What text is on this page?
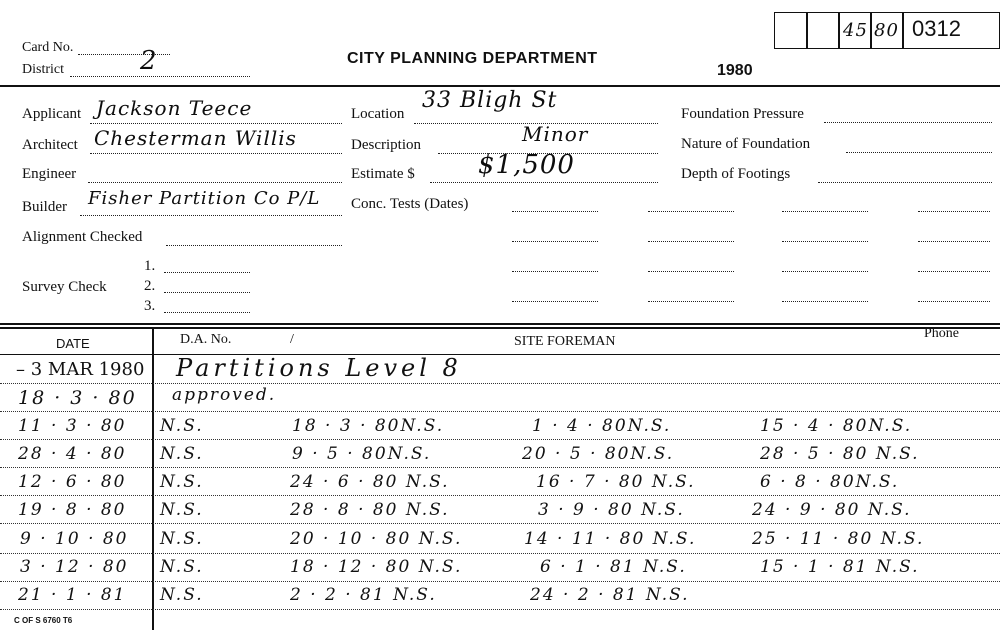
Card No.
District	2	CITY PLANNING DEPARTMENT
1980
45 80 0312
Applicant Jackson Teece
Architect Chesterman Willis
Engineer
Builder Fisher Partition Co P/L
Alignment Checked
Survey Check
1.
2.
3.
Location
33 Bligh St
Description	Minor
Estimate $ $1,500
Conc. Tests (Dates)
Foundation Pressure
Nature of Foundation
Depth of Footings
DATE	D.A. No.	/	SITE FOREMAN
Phone
– 3 MAR 1980 Partitions Level 8
18 · 3 · 80 approved.
11 · 3 · 80 N.S.	18 · 3 · 80N.S.	1 · 4 · 80N.S.	15 · 4 · 80N.S.
28 · 4 · 80 N.S.	9 · 5 · 80N.S.	20 · 5 · 80N.S.	28 · 5 · 80 N.S.
12 · 6 · 80 N.S.	24 · 6 · 80 N.S.	16 · 7 · 80 N.S.	6 · 8 · 80N.S.
19 · 8 · 80 N.S.	28 · 8 · 80 N.S.	3 · 9 · 80 N.S.	24 · 9 · 80 N.S.
9 · 10 · 80 N.S.	20 · 10 · 80 N.S.	14 · 11 · 80 N.S.	25 · 11 · 80 N.S.
3 · 12 · 80 N.S.	18 · 12 · 80 N.S.	6 · 1 · 81 N.S.	15 · 1 · 81 N.S.
21 · 1 · 81 N.S.	2 · 2 · 81 N.S.	24 · 2 · 81 N.S.
C OF S 6760 T6
